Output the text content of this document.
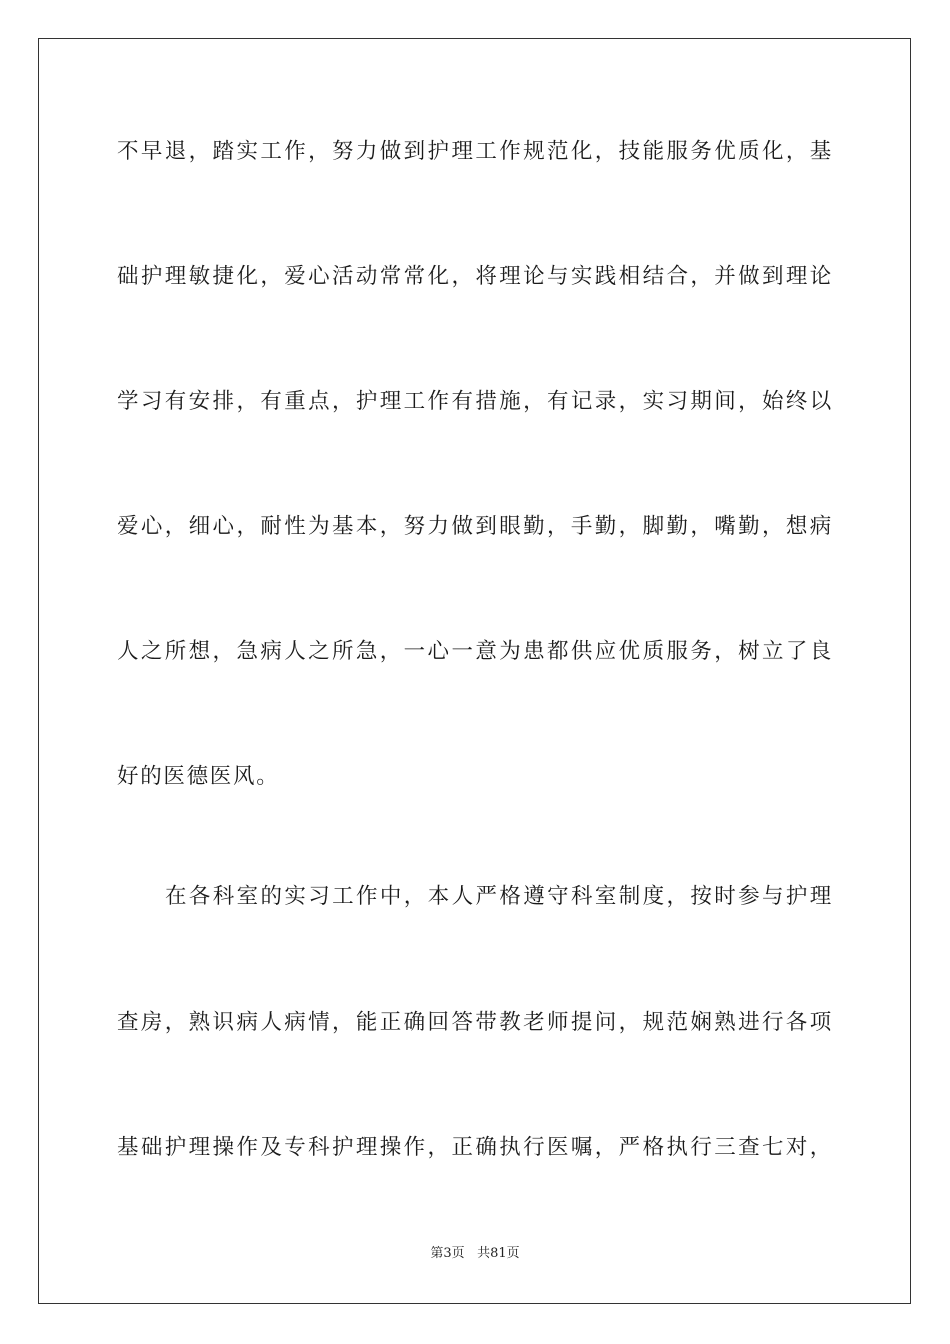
不早退，踏实工作，努力做到护理工作规范化，技能服务优质化，基
础护理敏捷化，爱心活动常常化，将理论与实践相结合，并做到理论
学习有安排，有重点，护理工作有措施，有记录，实习期间，始终以
爱心，细心，耐性为基本，努力做到眼勤，手勤，脚勤，嘴勤，想病
人之所想，急病人之所急，一心一意为患都供应优质服务，树立了良
好的医德医风。
在各科室的实习工作中，本人严格遵守科室制度，按时参与护理
查房，熟识病人病情，能正确回答带教老师提问，规范娴熟进行各项
基础护理操作及专科护理操作，正确执行医嘱，严格执行三查七对，
第3页 共81页
